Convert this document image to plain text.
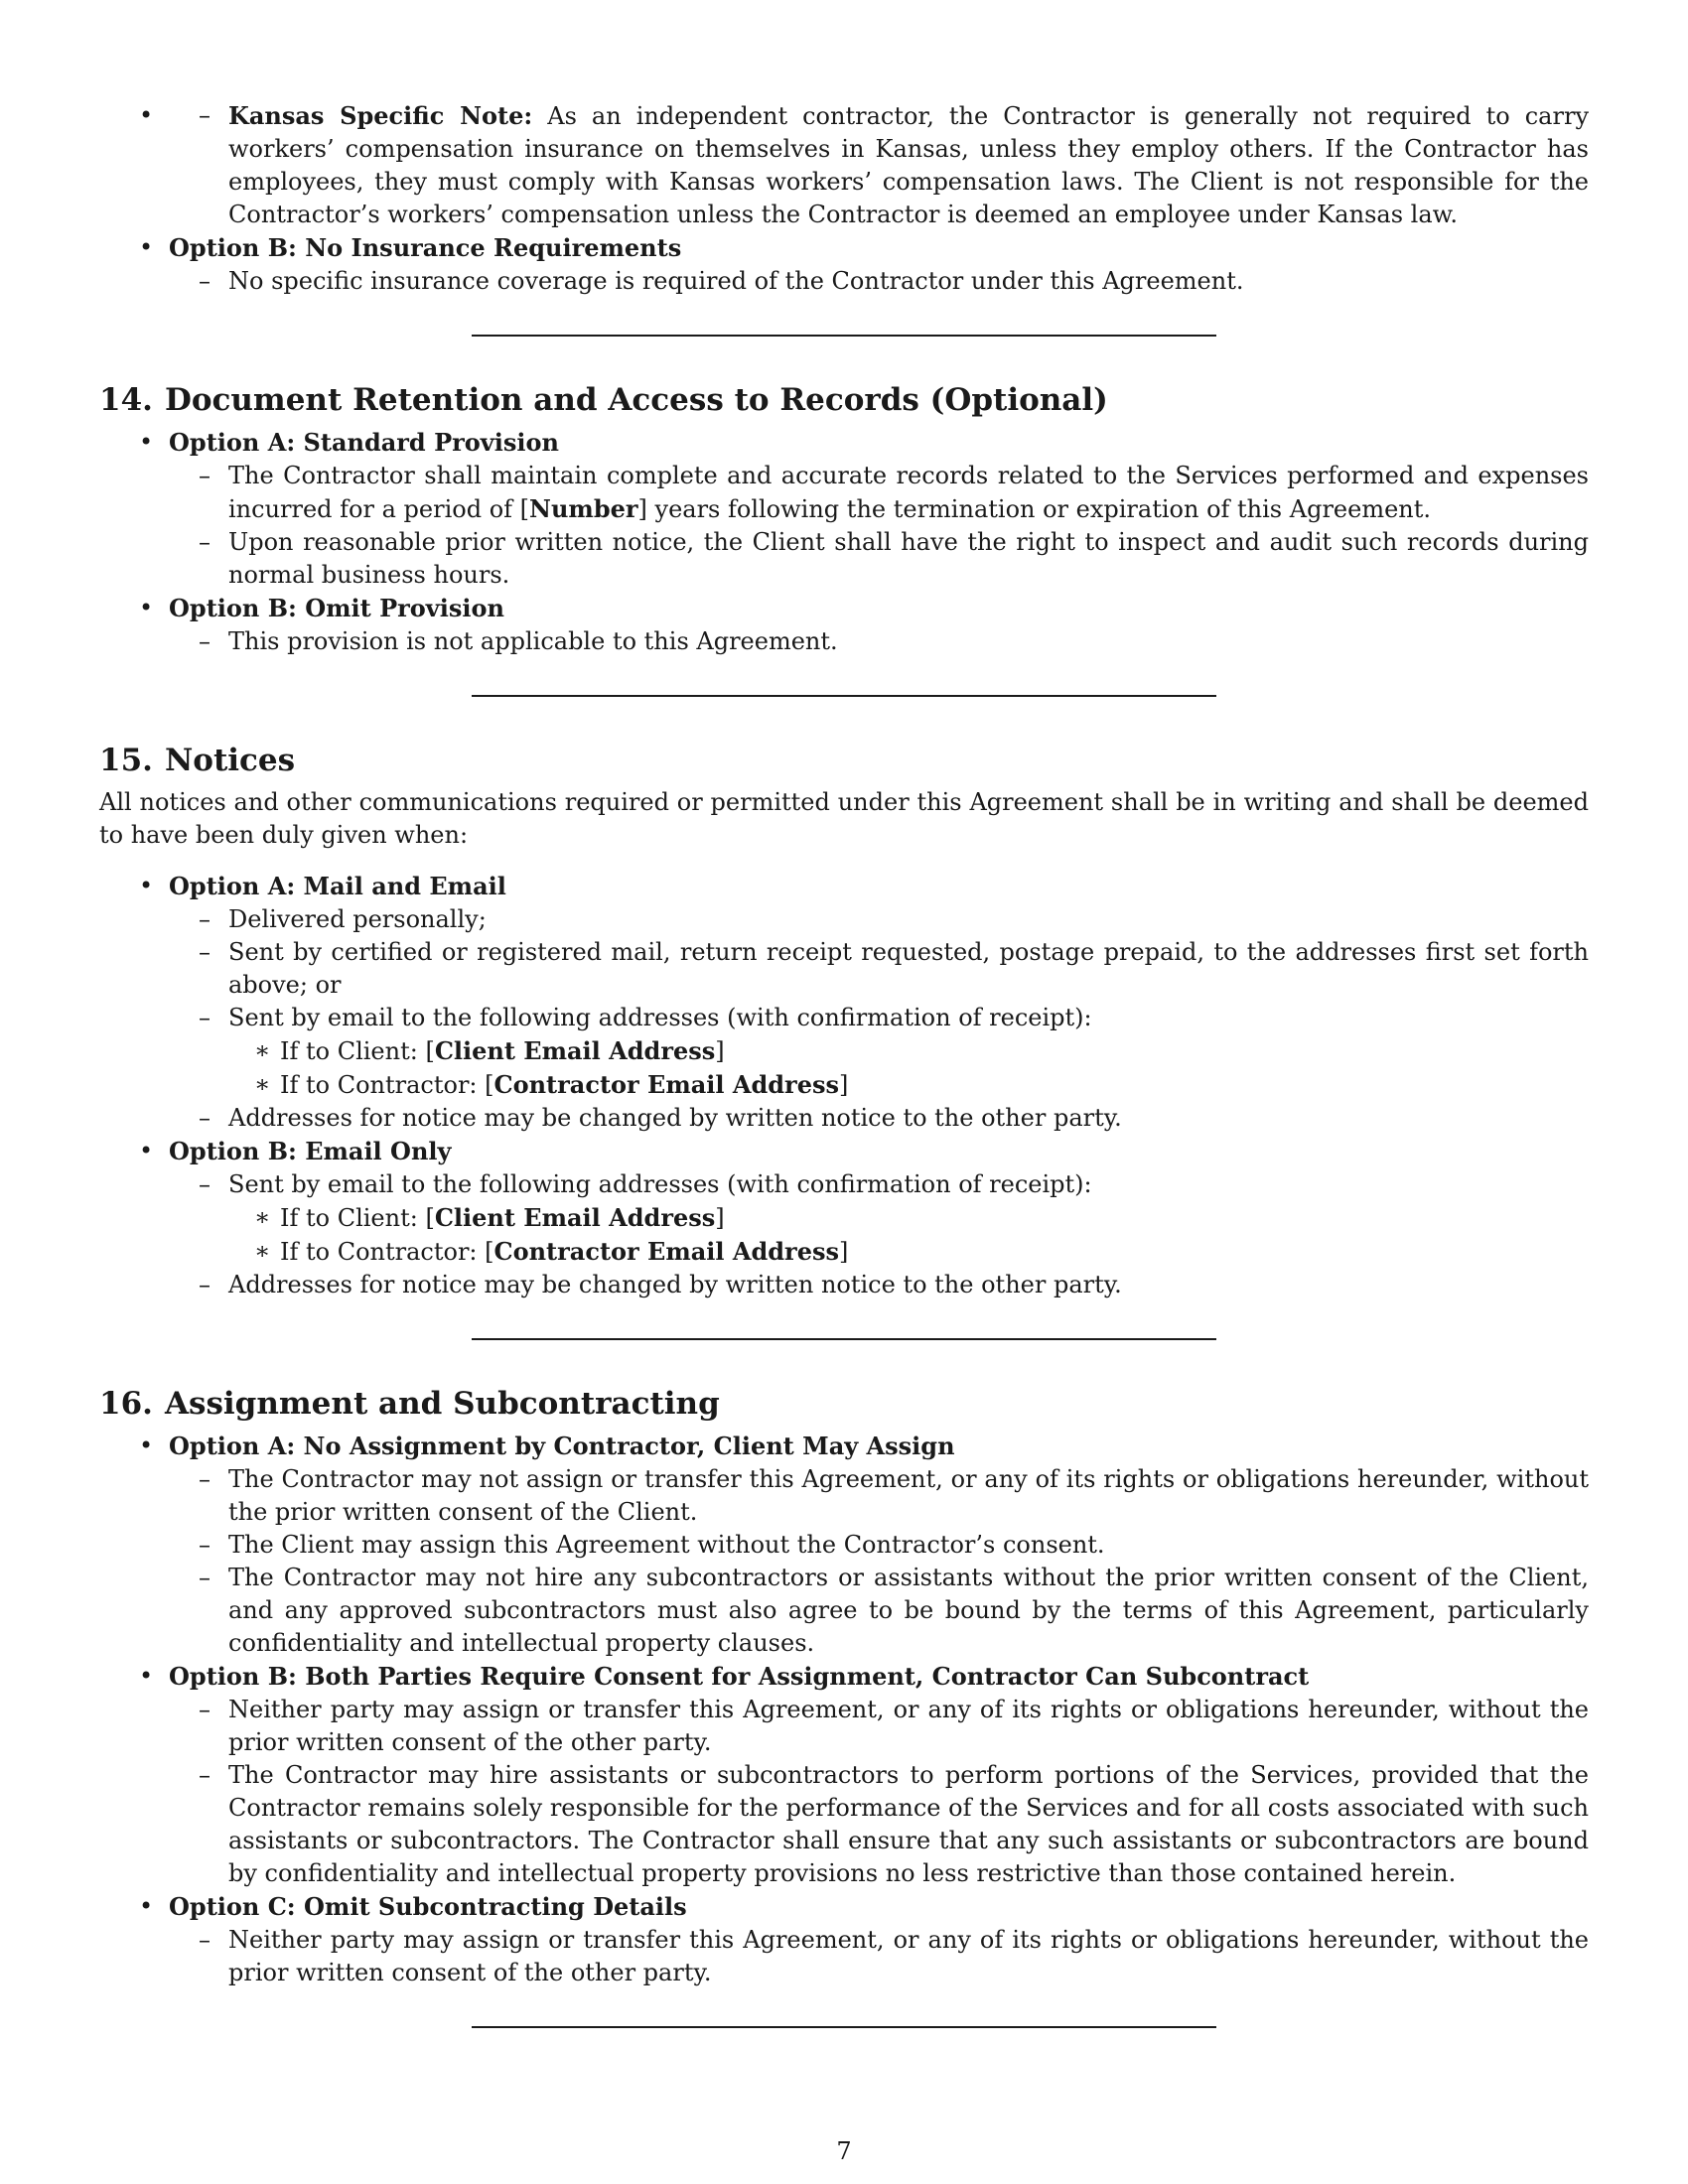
– • Kansas Specific Note: As an independent contractor, the Contractor is generally not required to carry workers’ compensation insurance on themselves in Kansas, unless they employ others. If the Contractor has employees, they must comply with Kansas workers’ compensation laws. The Client is not responsible for the Contractor’s workers’ compensation unless the Contractor is deemed an employee under Kansas law.
• Option B: No Insurance Requirements
– No specific insurance coverage is required of the Contractor under this Agreement.
14. Document Retention and Access to Records (Optional)
• Option A: Standard Provision
– The Contractor shall maintain complete and accurate records related to the Services performed and expenses incurred for a period of [Number] years following the termination or expiration of this Agreement.
– Upon reasonable prior written notice, the Client shall have the right to inspect and audit such records during normal business hours.
• Option B: Omit Provision
– This provision is not applicable to this Agreement.
15. Notices

All notices and other communications required or permitted under this Agreement shall be in writing and shall be deemed to have been duly given when:

• Option A: Mail and Email
– Delivered personally;
– Sent by certified or registered mail, return receipt requested, postage prepaid, to the addresses first set forth above; or
– Sent by email to the following addresses (with confirmation of receipt):
∗ If to Client: [Client Email Address]
∗ If to Contractor: [Contractor Email Address]
– Addresses for notice may be changed by written notice to the other party.
• Option B: Email Only
– Sent by email to the following addresses (with confirmation of receipt):
∗ If to Client: [Client Email Address]
∗ If to Contractor: [Contractor Email Address]
– Addresses for notice may be changed by written notice to the other party.
16. Assignment and Subcontracting
• Option A: No Assignment by Contractor, Client May Assign
– The Contractor may not assign or transfer this Agreement, or any of its rights or obligations hereunder, without the prior written consent of the Client.
– The Client may assign this Agreement without the Contractor’s consent.
– The Contractor may not hire any subcontractors or assistants without the prior written consent of the Client, and any approved subcontractors must also agree to be bound by the terms of this Agreement, particularly confidentiality and intellectual property clauses.
• Option B: Both Parties Require Consent for Assignment, Contractor Can Subcontract
– Neither party may assign or transfer this Agreement, or any of its rights or obligations hereunder, without the prior written consent of the other party.
– The Contractor may hire assistants or subcontractors to perform portions of the Services, provided that the Contractor remains solely responsible for the performance of the Services and for all costs associated with such assistants or subcontractors. The Contractor shall ensure that any such assistants or subcontractors are bound by confidentiality and intellectual property provisions no less restrictive than those contained herein.
• Option C: Omit Subcontracting Details
– Neither party may assign or transfer this Agreement, or any of its rights or obligations hereunder, without the prior written consent of the other party.
7
